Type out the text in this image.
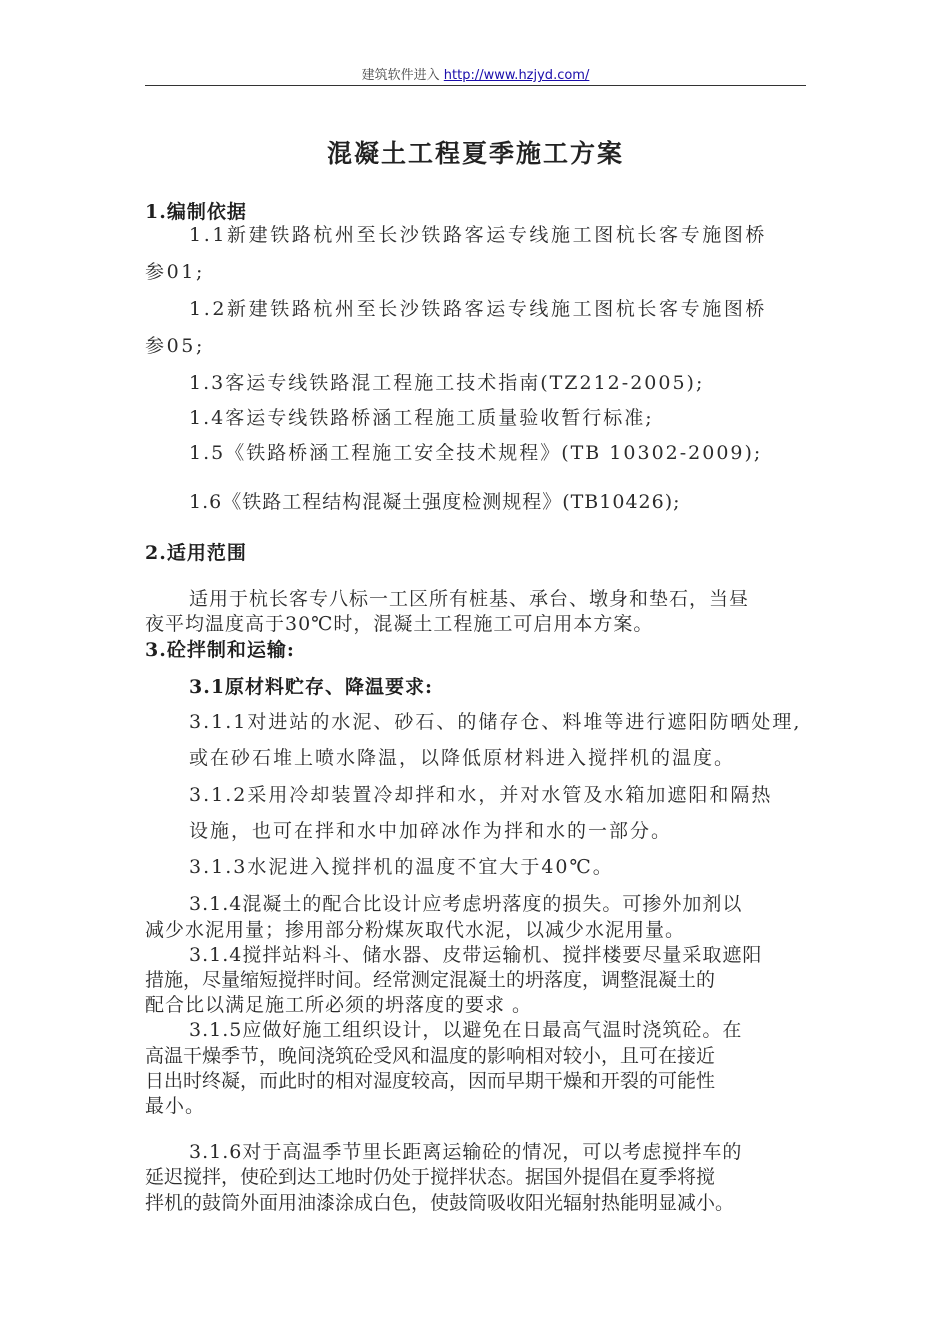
建筑软件进入 http://www.hzjyd.com/
混凝土工程夏季施工方案
1.编制依据
1.1新建铁路杭州至长沙铁路客运专线施工图杭长客专施图桥
参01;
1.2新建铁路杭州至长沙铁路客运专线施工图杭长客专施图桥
参05;
1.3客运专线铁路混工程施工技术指南(TZ212-2005);
1.4客运专线铁路桥涵工程施工质量验收暂行标准;
1.5《铁路桥涵工程施工安全技术规程》(TB 10302-2009);
1.6《铁路工程结构混凝土强度检测规程》(TB10426);
2.适用范围
适用于杭长客专八标一工区所有桩基、承台、墩身和垫石，当昼
夜平均温度高于30℃时，混凝土工程施工可启用本方案。
3.砼拌制和运输:
3.1原材料贮存、降温要求:
3.1.1对进站的水泥、砂石、的储存仓、料堆等进行遮阳防晒处理,
或在砂石堆上喷水降温，以降低原材料进入搅拌机的温度。
3.1.2采用冷却装置冷却拌和水，并对水管及水箱加遮阳和隔热
设施，也可在拌和水中加碎冰作为拌和水的一部分。
3.1.3水泥进入搅拌机的温度不宜大于40℃。
3.1.4混凝土的配合比设计应考虑坍落度的损失。可掺外加剂以
减少水泥用量；掺用部分粉煤灰取代水泥，以减少水泥用量。
3.1.4搅拌站料斗、储水器、皮带运输机、搅拌楼要尽量采取遮阳
措施，尽量缩短搅拌时间。经常测定混凝土的坍落度，调整混凝土的
配合比以满足施工所必须的坍落度的要求 。
3.1.5应做好施工组织设计，以避免在日最高气温时浇筑砼。在
高温干燥季节，晚间浇筑砼受风和温度的影响相对较小，且可在接近
日出时终凝，而此时的相对湿度较高，因而早期干燥和开裂的可能性
最小。
3.1.6对于高温季节里长距离运输砼的情况，可以考虑搅拌车的
延迟搅拌，使砼到达工地时仍处于搅拌状态。据国外提倡在夏季将搅
拌机的鼓筒外面用油漆涂成白色，使鼓筒吸收阳光辐射热能明显减小。
